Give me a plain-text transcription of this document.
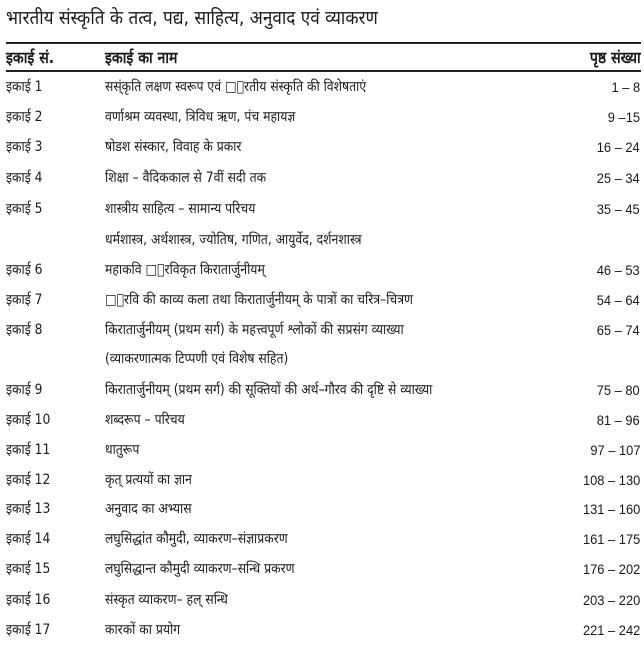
भारतीय संस्कृति के तत्व, पद्य, साहित्य, अनुवाद एवं व्याकरण
इकाई सं.	इकाई का नाम	पृष्ठ संख्या
इकाई 1	सस्ंकृति लक्षण स्वरूप एवं □ारतीय संस्कृति की विशेषताएं	1 – 8
इकाई 2	वर्णाश्रम व्यवस्था, त्रिविध ऋण, पंच महायज्ञ	9 –15
इकाई 3	षोडश संस्कार, विवाह के प्रकार	16 – 24
इकाई 4	शिक्षा – वैदिककाल से 7वीं सदी तक	25 – 34
इकाई 5	शास्त्रीय साहित्य – सामान्य परिचय	35 – 45
धर्मशास्त्र, अर्थशास्त्र, ज्योतिष, गणित, आयुर्वेद, दर्शनशास्त्र
इकाई 6	महाकवि □ारविकृत किरातार्जुनीयम्	46 – 53
इकाई 7	□ारवि की काव्य कला तथा किरातार्जुनीयम् के पात्रों का चरित्र–चित्रण	54 – 64
इकाई 8	किरातार्जुनीयम् (प्रथम सर्ग) के महत्त्वपूर्ण श्लोकों की सप्रसंग व्याख्या	65 – 74
(व्याकरणात्मक टिप्पणी एवं विशेष सहित)
इकाई 9	किरातार्जुनीयम् (प्रथम सर्ग) की सूक्तियों की अर्थ–गौरव की दृष्टि से व्याख्या	75 – 80
इकाई 10	शब्दरूप – परिचय	81 – 96
इकाई 11	धातुरूप	97 – 107
इकाई 12	कृत् प्रत्ययों का ज्ञान	108 – 130
इकाई 13	अनुवाद का अभ्यास	131 – 160
इकाई 14	लघुसिद्धांत कौमुदी, व्याकरण–संज्ञाप्रकरण	161 – 175
इकाई 15	लघुसिद्धान्त कौमुदी व्याकरण–सन्धि प्रकरण	176 – 202
इकाई 16	संस्कृत व्याकरण– हल् सन्धि	203 – 220
इकाई 17	कारकों का प्रयोग	221 – 242
